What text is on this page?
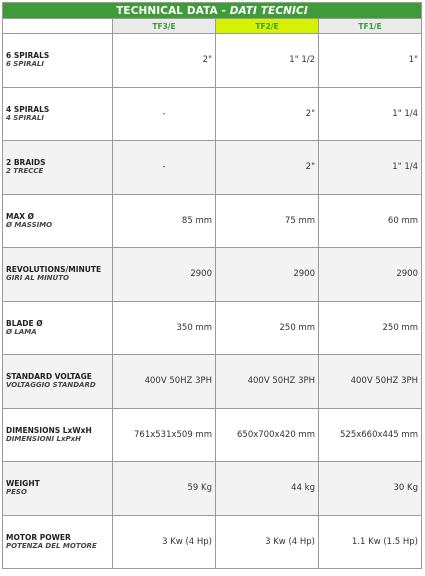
TECHNICAL DATA - DATI TECNICI			
	TF3/E	TF2/E	TF1/E

6 SPIRALS
6 SPIRALI	2"	1" 1/2	1"

4 SPIRALS
4 SPIRALI	-	2"	1" 1/4

2 BRAIDS
2 TRECCE	-	2"	1" 1/4

MAX Ø
Ø MASSIMO	85 mm	75 mm	60 mm

REVOLUTIONS/MINUTE
GIRI AL MINUTO	2900	2900	2900

BLADE Ø
Ø LAMA	350 mm	250 mm	250 mm

STANDARD VOLTAGE
VOLTAGGIO STANDARD	400V 50HZ 3PH	400V 50HZ 3PH	400V 50HZ 3PH

DIMENSIONS LxWxH
DIMENSIONI LxPxH	761x531x509 mm	650x700x420 mm	525x660x445 mm

WEIGHT
PESO	59 Kg	44 kg	30 Kg

MOTOR POWER
POTENZA DEL MOTORE	3 Kw (4 Hp)	3 Kw (4 Hp)	1.1 Kw (1.5 Hp)
